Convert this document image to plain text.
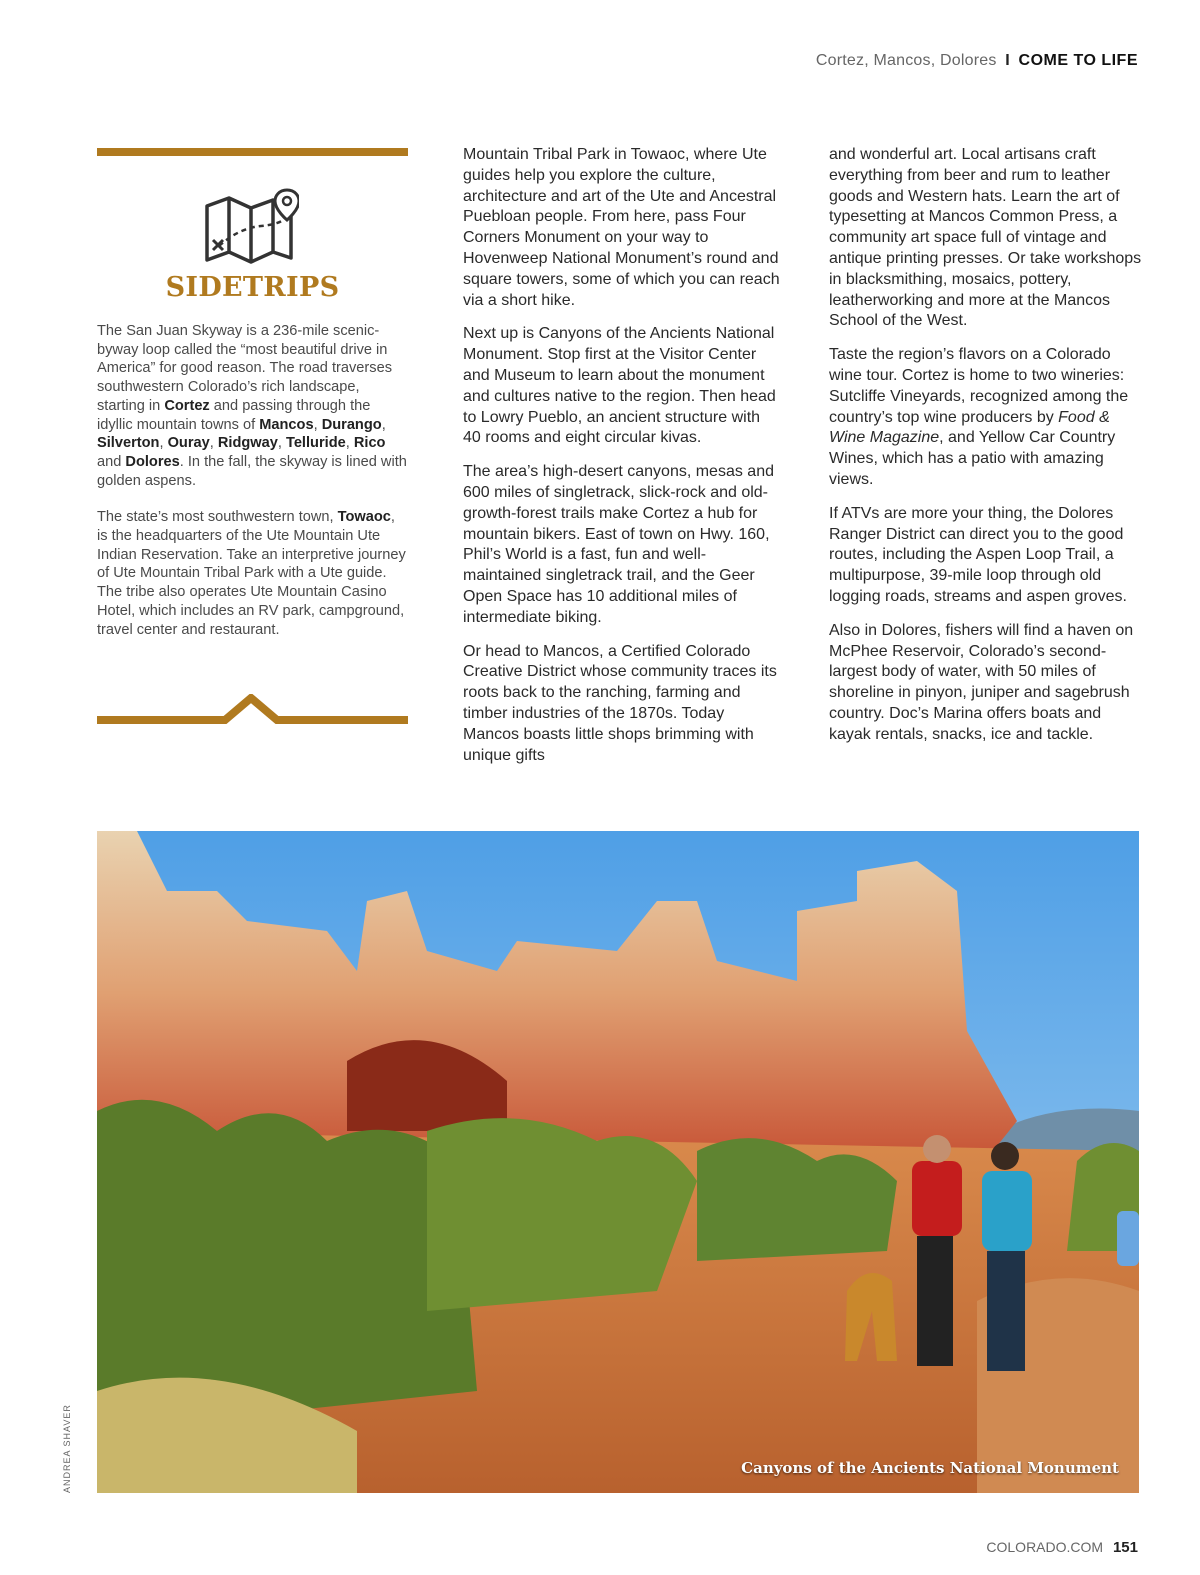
Cortez, Mancos, Dolores I COME TO LIFE
SIDETRIPS

The San Juan Skyway is a 236-mile scenic-byway loop called the “most beautiful drive in America” for good reason. The road traverses southwestern Colorado’s rich landscape, starting in Cortez and passing through the idyllic mountain towns of Mancos, Durango, Silverton, Ouray, Ridgway, Telluride, Rico and Dolores. In the fall, the skyway is lined with golden aspens.

The state’s most southwestern town, Towaoc, is the headquarters of the Ute Mountain Ute Indian Reservation. Take an interpretive journey of Ute Mountain Tribal Park with a Ute guide. The tribe also operates Ute Mountain Casino Hotel, which includes an RV park, campground, travel center and restaurant.

Mountain Tribal Park in Towaoc, where Ute guides help you explore the culture, architecture and art of the Ute and Ancestral Puebloan people. From here, pass Four Corners Monument on your way to Hovenweep National Monument’s round and square towers, some of which you can reach via a short hike.

Next up is Canyons of the Ancients National Monument. Stop first at the Visitor Center and Museum to learn about the monument and cultures native to the region. Then head to Lowry Pueblo, an ancient structure with 40 rooms and eight circular kivas.

The area’s high-desert canyons, mesas and 600 miles of singletrack, slick-rock and old-growth-forest trails make Cortez a hub for mountain bikers. East of town on Hwy. 160, Phil’s World is a fast, fun and well-maintained singletrack trail, and the Geer Open Space has 10 additional miles of intermediate biking.

Or head to Mancos, a Certified Colorado Creative District whose community traces its roots back to the ranching, farming and timber industries of the 1870s. Today Mancos boasts little shops brimming with unique gifts

and wonderful art. Local artisans craft everything from beer and rum to leather goods and Western hats. Learn the art of typesetting at Mancos Common Press, a community art space full of vintage and antique printing presses. Or take workshops in blacksmithing, mosaics, pottery, leatherworking and more at the Mancos School of the West.

Taste the region’s flavors on a Colorado wine tour. Cortez is home to two wineries: Sutcliffe Vineyards, recognized among the country’s top wine producers by Food & Wine Magazine, and Yellow Car Country Wines, which has a patio with amazing views.

If ATVs are more your thing, the Dolores Ranger District can direct you to the good routes, including the Aspen Loop Trail, a multipurpose, 39-mile loop through old logging roads, streams and aspen groves.

Also in Dolores, fishers will find a haven on McPhee Reservoir, Colorado’s second-largest body of water, with 50 miles of shoreline in pinyon, juniper and sagebrush country. Doc’s Marina offers boats and kayak rentals, snacks, ice and tackle.

Canyons of the Ancients National Monument
ANDREA SHAVER
COLORADO.COM 151
